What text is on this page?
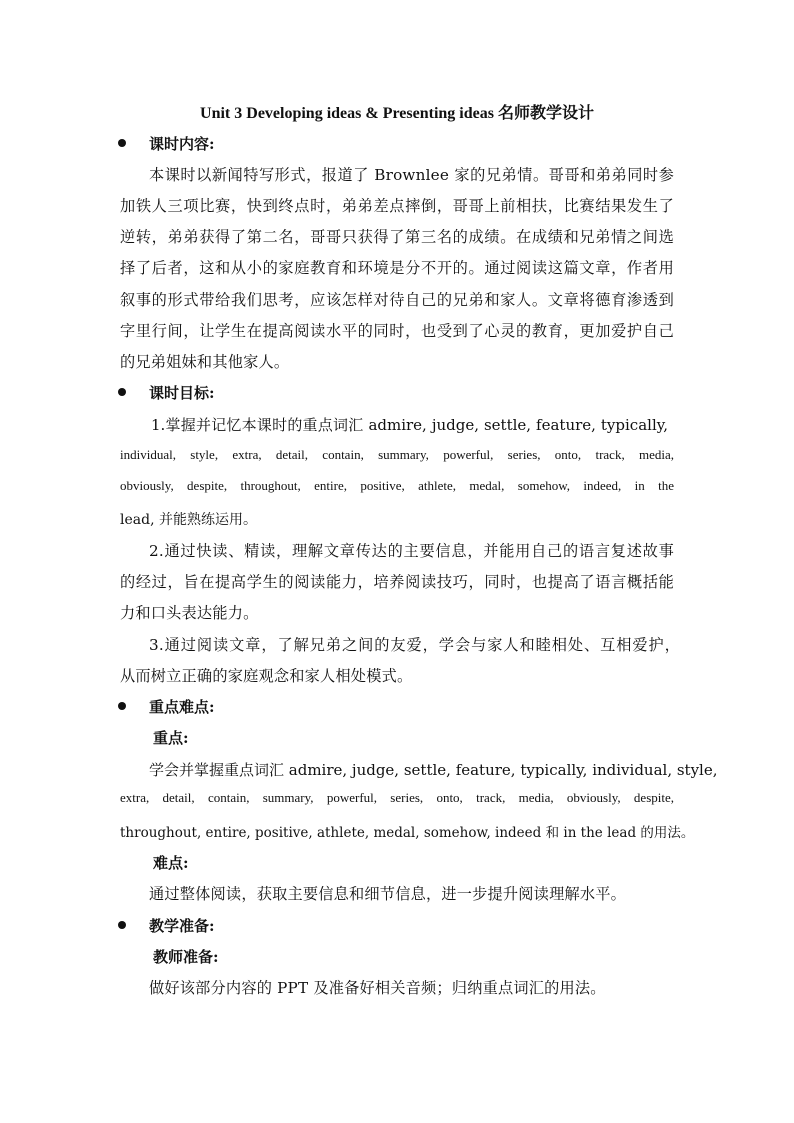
Unit 3 Developing ideas & Presenting ideas 名师教学设计
课时内容:
本课时以新闻特写形式，报道了 Brownlee 家的兄弟情。哥哥和弟弟同时参
加铁人三项比赛，快到终点时，弟弟差点摔倒，哥哥上前相扶，比赛结果发生了
逆转，弟弟获得了第二名，哥哥只获得了第三名的成绩。在成绩和兄弟情之间选
择了后者，这和从小的家庭教育和环境是分不开的。通过阅读这篇文章，作者用
叙事的形式带给我们思考，应该怎样对待自己的兄弟和家人。文章将德育渗透到
字里行间，让学生在提高阅读水平的同时，也受到了心灵的教育，更加爱护自己
的兄弟姐妹和其他家人。
课时目标:
1.掌握并记忆本课时的重点词汇 admire, judge, settle, feature, typically,
individual, style, extra, detail, contain, summary, powerful, series, onto, track, media,
obviously, despite, throughout, entire, positive, athlete, medal, somehow, indeed, in the
lead, 并能熟练运用。
2.通过快读、精读，理解文章传达的主要信息，并能用自己的语言复述故事
的经过，旨在提高学生的阅读能力，培养阅读技巧，同时，也提高了语言概括能
力和口头表达能力。
3.通过阅读文章，了解兄弟之间的友爱，学会与家人和睦相处、互相爱护，
从而树立正确的家庭观念和家人相处模式。
重点难点:
重点:
学会并掌握重点词汇 admire, judge, settle, feature, typically, individual, style,
extra, detail, contain, summary, powerful, series, onto, track, media, obviously, despite,
throughout, entire, positive, athlete, medal, somehow, indeed 和 in the lead 的用法。
难点:
通过整体阅读，获取主要信息和细节信息，进一步提升阅读理解水平。
教学准备:
教师准备:
做好该部分内容的 PPT 及准备好相关音频；归纳重点词汇的用法。
